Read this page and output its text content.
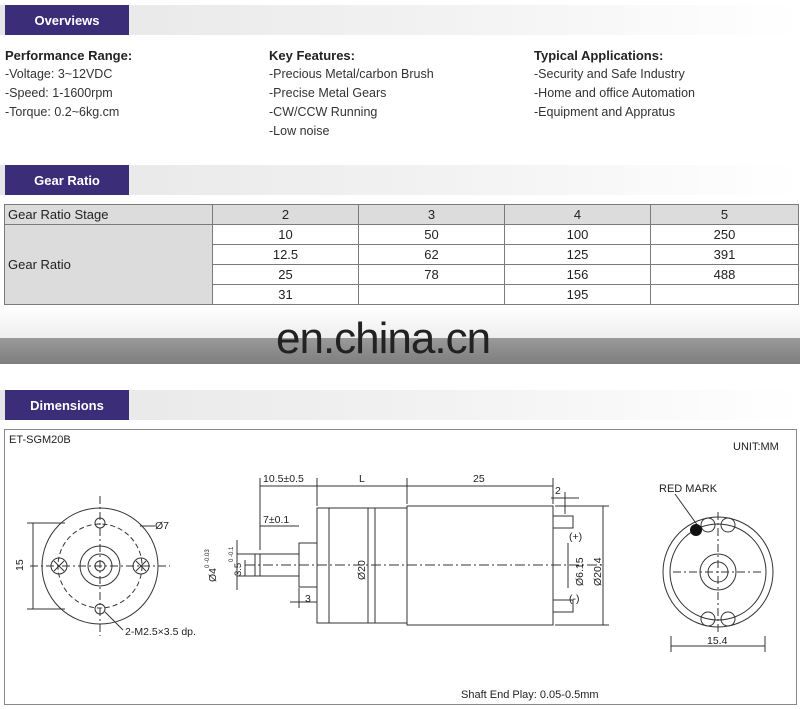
Overviews
Performance Range:
-Voltage: 3~12VDC
-Speed: 1-1600rpm
-Torque: 0.2~6kg.cm
Key Features:
-Precious Metal/carbon Brush
-Precise Metal Gears
-CW/CCW Running
-Low noise
Typical Applications:
-Security and Safe Industry
-Home and office Automation
-Equipment and Appratus
Gear Ratio
Gear Ratio Stage	2	3	4	5
Gear Ratio	10	50	100	250
	12.5	62	125	391
	25	78	156	488
	31		195	
en.china.cn
Dimensions
ET-SGM20B
UNIT:MM
15
Ø7
2-M2.5×3.5 dp.
10.5±0.5	L	25
2
7±0.1
Ø4
0 -0.03
3.5
0 -0.1
3
Ø20	Ø6.15 Ø20.4
(+)
(-)
RED MARK
15.4
Shaft End Play: 0.05-0.5mm
